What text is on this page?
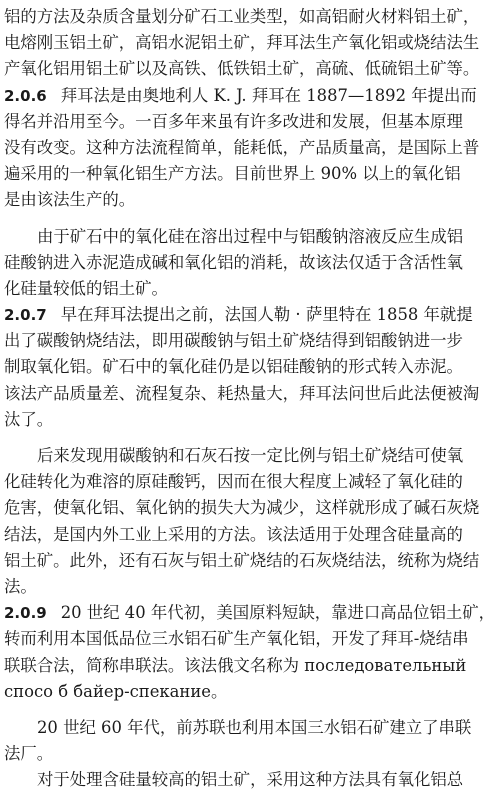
铝的方法及杂质含量划分矿石工业类型，如高铝耐火材料铝土矿，
电熔刚玉铝土矿，高铝水泥铝土矿，拜耳法生产氧化铝或烧结法生
产氧化铝用铝土矿以及高铁、低铁铝土矿，高硫、低硫铝土矿等。
2.0.6 拜耳法是由奥地利人 K. J. 拜耳在 1887—1892 年提出而
得名并沿用至今。一百多年来虽有许多改进和发展，但基本原理
没有改变。这种方法流程简单，能耗低，产品质量高，是国际上普
遍采用的一种氧化铝生产方法。目前世界上 90% 以上的氧化铝
是由该法生产的。
由于矿石中的氧化硅在溶出过程中与铝酸钠溶液反应生成铝
硅酸钠进入赤泥造成碱和氧化铝的消耗，故该法仅适于含活性氧
化硅量较低的铝土矿。
2.0.7 早在拜耳法提出之前，法国人勒 · 萨里特在 1858 年就提
出了碳酸钠烧结法，即用碳酸钠与铝土矿烧结得到铝酸钠进一步
制取氧化铝。矿石中的氧化硅仍是以铝硅酸钠的形式转入赤泥。
该法产品质量差、流程复杂、耗热量大，拜耳法问世后此法便被淘
汰了。
后来发现用碳酸钠和石灰石按一定比例与铝土矿烧结可使氧
化硅转化为难溶的原硅酸钙，因而在很大程度上减轻了氧化硅的
危害，使氧化铝、氧化钠的损失大为减少，这样就形成了碱石灰烧
结法，是国内外工业上采用的方法。该法适用于处理含硅量高的
铝土矿。此外，还有石灰与铝土矿烧结的石灰烧结法，统称为烧结
法。
2.0.9 20 世纪 40 年代初，美国原料短缺，靠进口高品位铝土矿，
转而利用本国低品位三水铝石矿生产氧化铝，开发了拜耳-烧结串
联联合法，简称串联法。该法俄文名称为 последовательный
спосо б байер-спекание。
20 世纪 60 年代，前苏联也利用本国三水铝石矿建立了串联
法厂。
对于处理含硅量较高的铝土矿，采用这种方法具有氧化铝总
